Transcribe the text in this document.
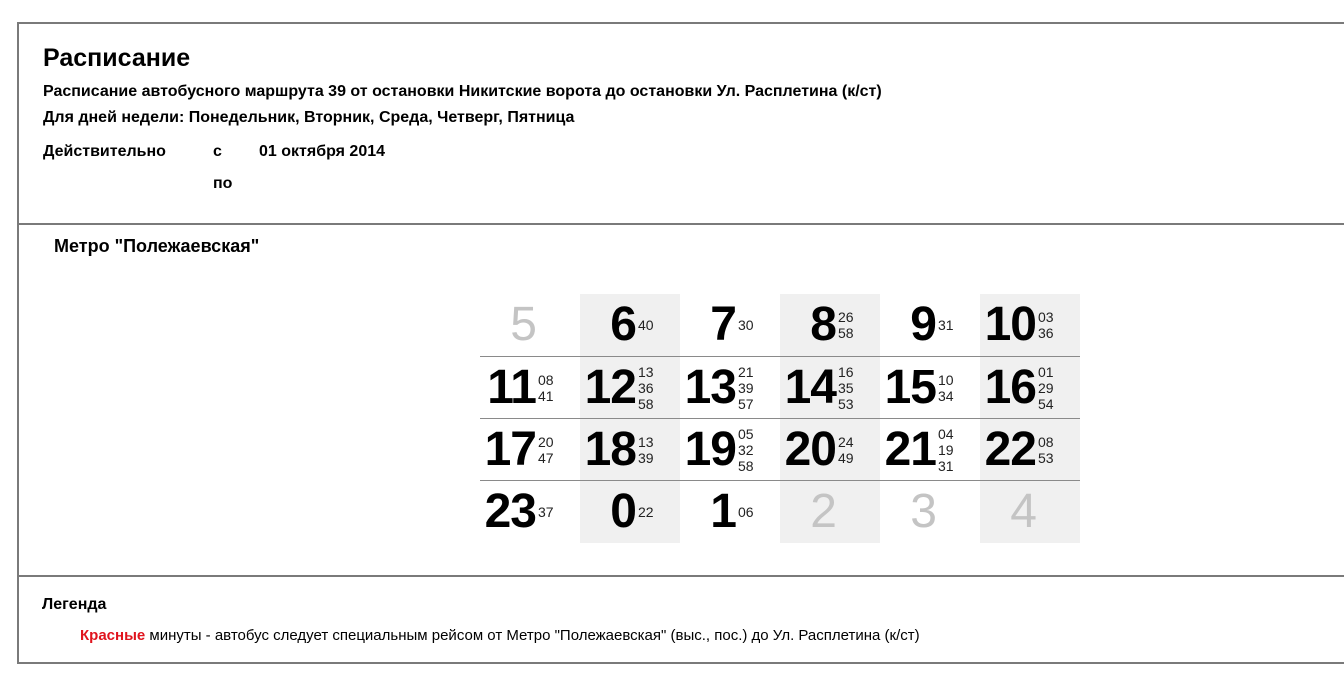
Расписание
Расписание автобусного маршрута 39 от остановки Никитские ворота до остановки Ул. Расплетина (к/ст)
Для дней недели: Понедельник, Вторник, Среда, Четверг, Пятница
Действительно	с 01 октября 2014
по
Метро "Полежаевская"
5 6 40 7 30 8 26
58 9 31 10 03
36
11 08
41 12 13
36
58 13 21
39
57 14 16
35
53 15 10
34 16 01
29
54
17 20
47 18 13
39 19 05
32
58 20 24
49 21 04
19
31 22 08
53
23 37 0 22 1 06 2 3 4
Легенда
Красные минуты - автобус следует специальным рейсом от Метро "Полежаевская" (выс., пос.) до Ул. Расплетина (к/ст)
